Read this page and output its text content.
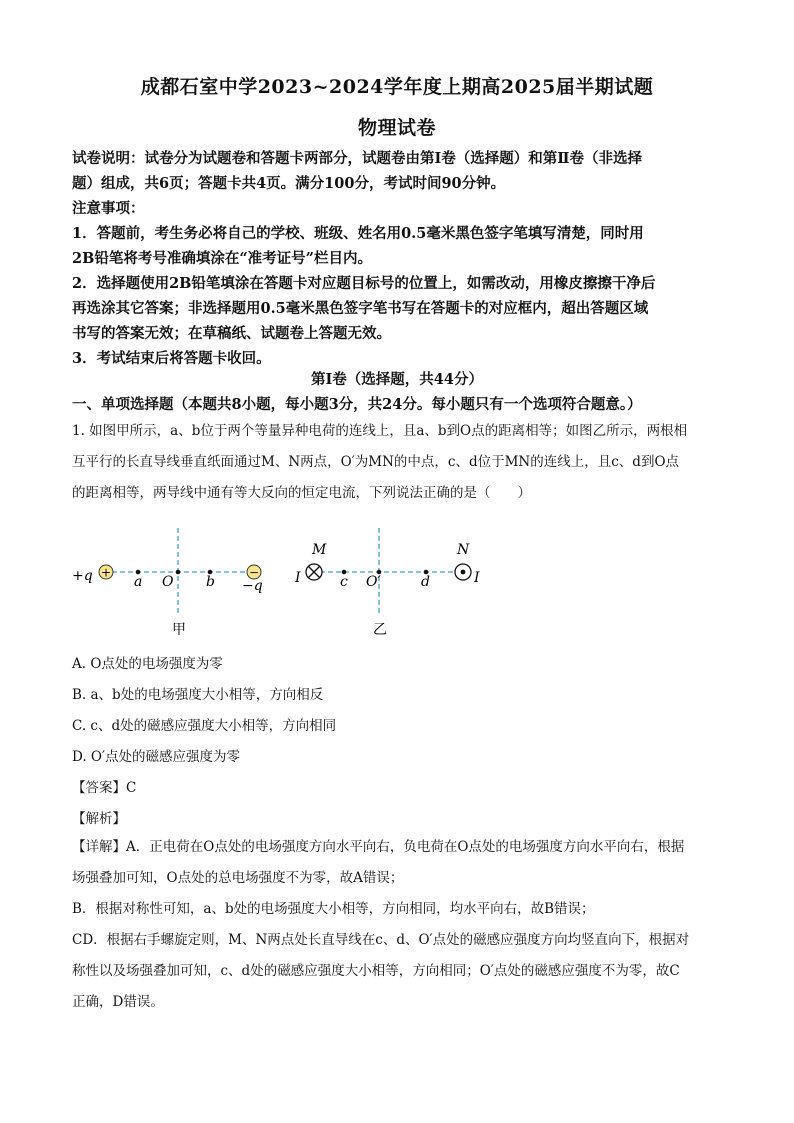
成都石室中学2023~2024学年度上期高2025届半期试题
物理试卷
试卷说明：试卷分为试题卷和答题卡两部分，试题卷由第Ⅰ卷（选择题）和第Ⅱ卷（非选择
题）组成，共6页；答题卡共4页。满分100分，考试时间90分钟。
注意事项：
1．答题前，考生务必将自己的学校、班级、姓名用0.5毫米黑色签字笔填写清楚，同时用
2B铅笔将考号准确填涂在“准考证号”栏目内。
2．选择题使用2B铅笔填涂在答题卡对应题目标号的位置上，如需改动，用橡皮擦擦干净后
再选涂其它答案；非选择题用0.5毫米黑色签字笔书写在答题卡的对应框内，超出答题区域
书写的答案无效；在草稿纸、试题卷上答题无效。
3．考试结束后将答题卡收回。
第Ⅰ卷（选择题，共44分）
一、单项选择题（本题共8小题，每小题3分，共24分。每小题只有一个选项符合题意。）
1. 如图甲所示，a、b位于两个等量异种电荷的连线上，且a、b到O点的距离相等；如图乙所示，两根相
互平行的长直导线垂直纸面通过M、N两点，O′为MN的中点，c、d位于MN的连线上，且c、d到O点
的距离相等，两导线中通有等大反向的恒定电流，下列说法正确的是（　　）
+	−
+q	a O b −q
甲
M	N
I	I
c O′	d
乙
A. O点处的电场强度为零
B. a、b处的电场强度大小相等，方向相反
C. c、d处的磁感应强度大小相等，方向相同
D. O′点处的磁感应强度为零
【答案】C
【解析】
【详解】A．正电荷在O点处的电场强度方向水平向右，负电荷在O点处的电场强度方向水平向右，根据
场强叠加可知，O点处的总电场强度不为零，故A错误；
B．根据对称性可知，a、b处的电场强度大小相等，方向相同，均水平向右，故B错误；
CD．根据右手螺旋定则，M、N两点处长直导线在c、d、O′点处的磁感应强度方向均竖直向下，根据对
称性以及场强叠加可知，c、d处的磁感应强度大小相等，方向相同；O′点处的磁感应强度不为零，故C
正确，D错误。
